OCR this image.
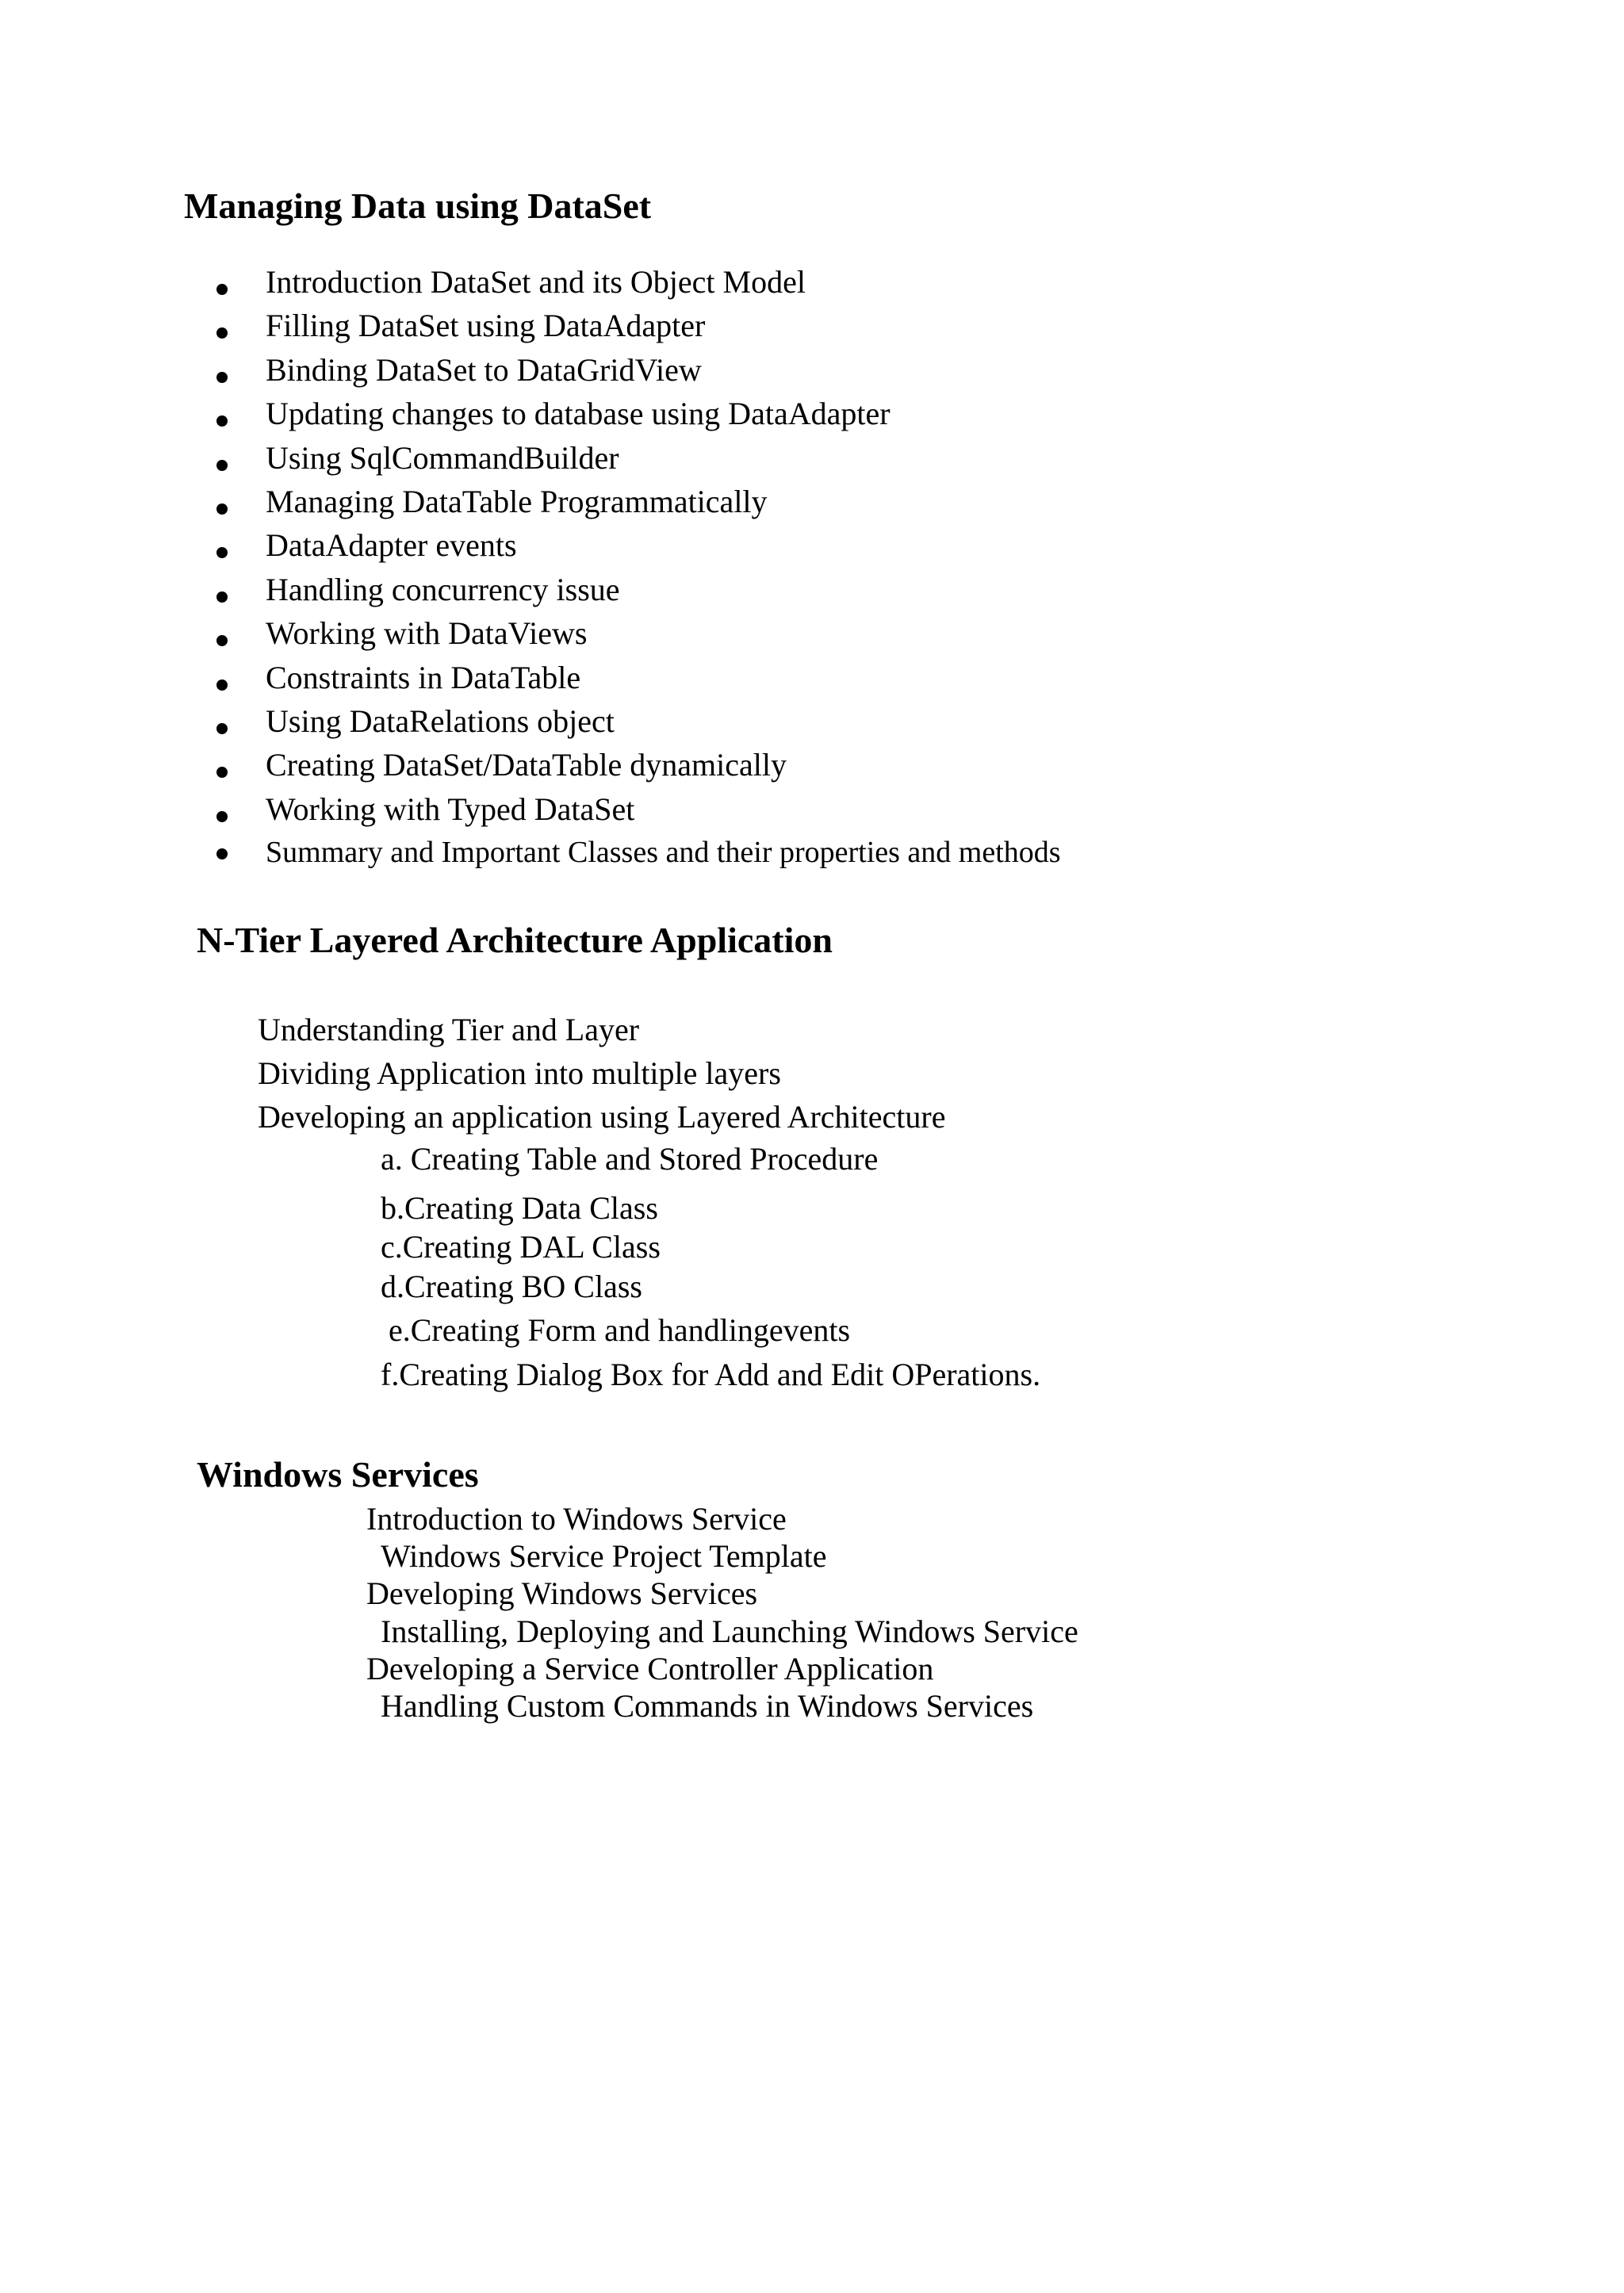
Managing Data using DataSet
Introduction DataSet and its Object Model
Filling DataSet using DataAdapter
Binding DataSet to DataGridView
Updating changes to database using DataAdapter
Using SqlCommandBuilder
Managing DataTable Programmatically
DataAdapter events
Handling concurrency issue
Working with DataViews
Constraints in DataTable
Using DataRelations object
Creating DataSet/DataTable dynamically
Working with Typed DataSet
Summary and Important Classes and their properties and methods
N-Tier Layered Architecture Application

Understanding Tier and Layer

Dividing Application into multiple layers

Developing an application using Layered Architecture

a. Creating Table and Stored Procedure

b.Creating Data Class

c.Creating DAL Class

d.Creating BO Class

e.Creating Form and handlingevents

f.Creating Dialog Box for Add and Edit OPerations.

Windows Services

Introduction to Windows Service

Windows Service Project Template

Developing Windows Services

Installing, Deploying and Launching Windows Service

Developing a Service Controller Application

Handling Custom Commands in Windows Services
